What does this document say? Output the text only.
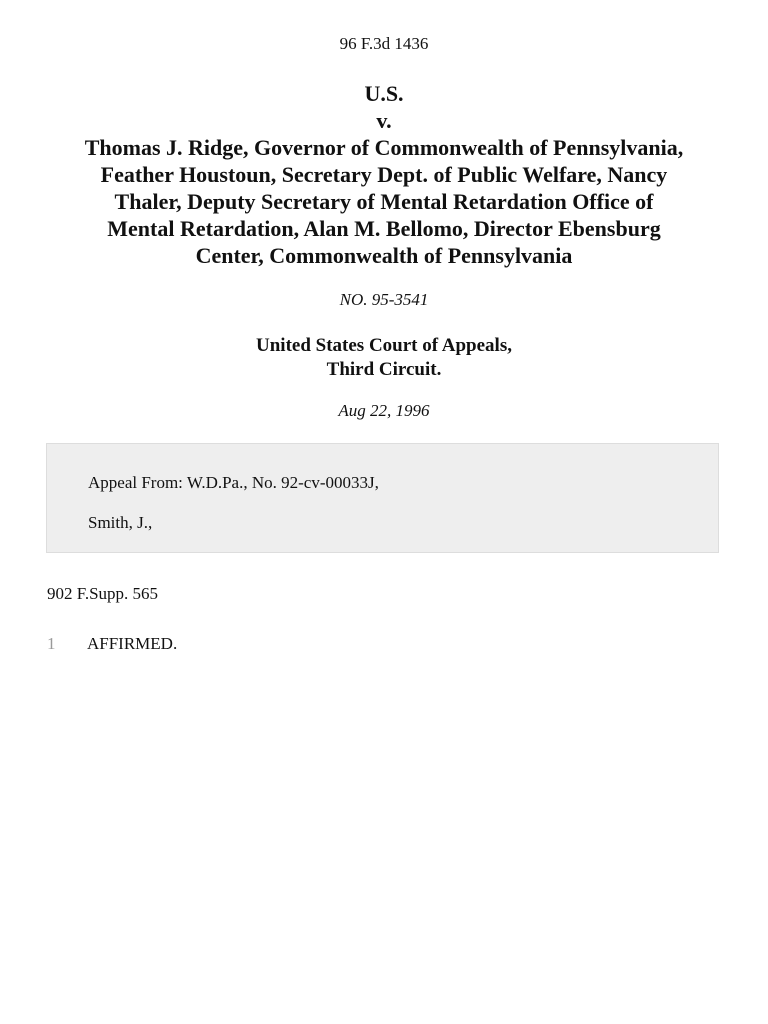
96 F.3d 1436
U.S.
v.
Thomas J. Ridge, Governor of Commonwealth of Pennsylvania,
Feather Houstoun, Secretary Dept. of Public Welfare, Nancy
Thaler, Deputy Secretary of Mental Retardation Office of
Mental Retardation, Alan M. Bellomo, Director Ebensburg
Center, Commonwealth of Pennsylvania
NO. 95-3541
United States Court of Appeals,
Third Circuit.
Aug 22, 1996
Appeal From: W.D.Pa., No. 92-cv-00033J,
Smith, J.,
902 F.Supp. 565
1 AFFIRMED.
